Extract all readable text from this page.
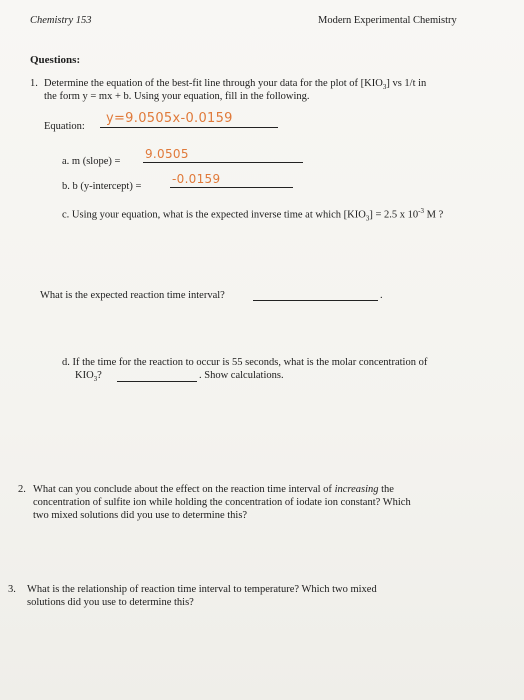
Chemistry 153	Modern Experimental Chemistry
Questions:
1. Determine the equation of the best-fit line through your data for the plot of $[KIO_3]$ vs 1/t in
the form y = mx + b. Using your equation, fill in the following.
Equation:
y=9.0505x-0.0159
a. m (slope) =
9.0505
b. b (y-intercept) =
-0.0159
c. Using your equation, what is the expected inverse time at which $[KIO_3] = 2.5$ x $10^{-3}$ M ?
What is the expected reaction time interval?	.
d. If the time for the reaction to occur is 55 seconds, what is the molar concentration of
$KIO_3$?	. Show calculations.
2. What can you conclude about the effect on the reaction time interval of increasing the
concentration of sulfite ion while holding the concentration of iodate ion constant? Which
two mixed solutions did you use to determine this?
3. What is the relationship of reaction time interval to temperature? Which two mixed
solutions did you use to determine this?
